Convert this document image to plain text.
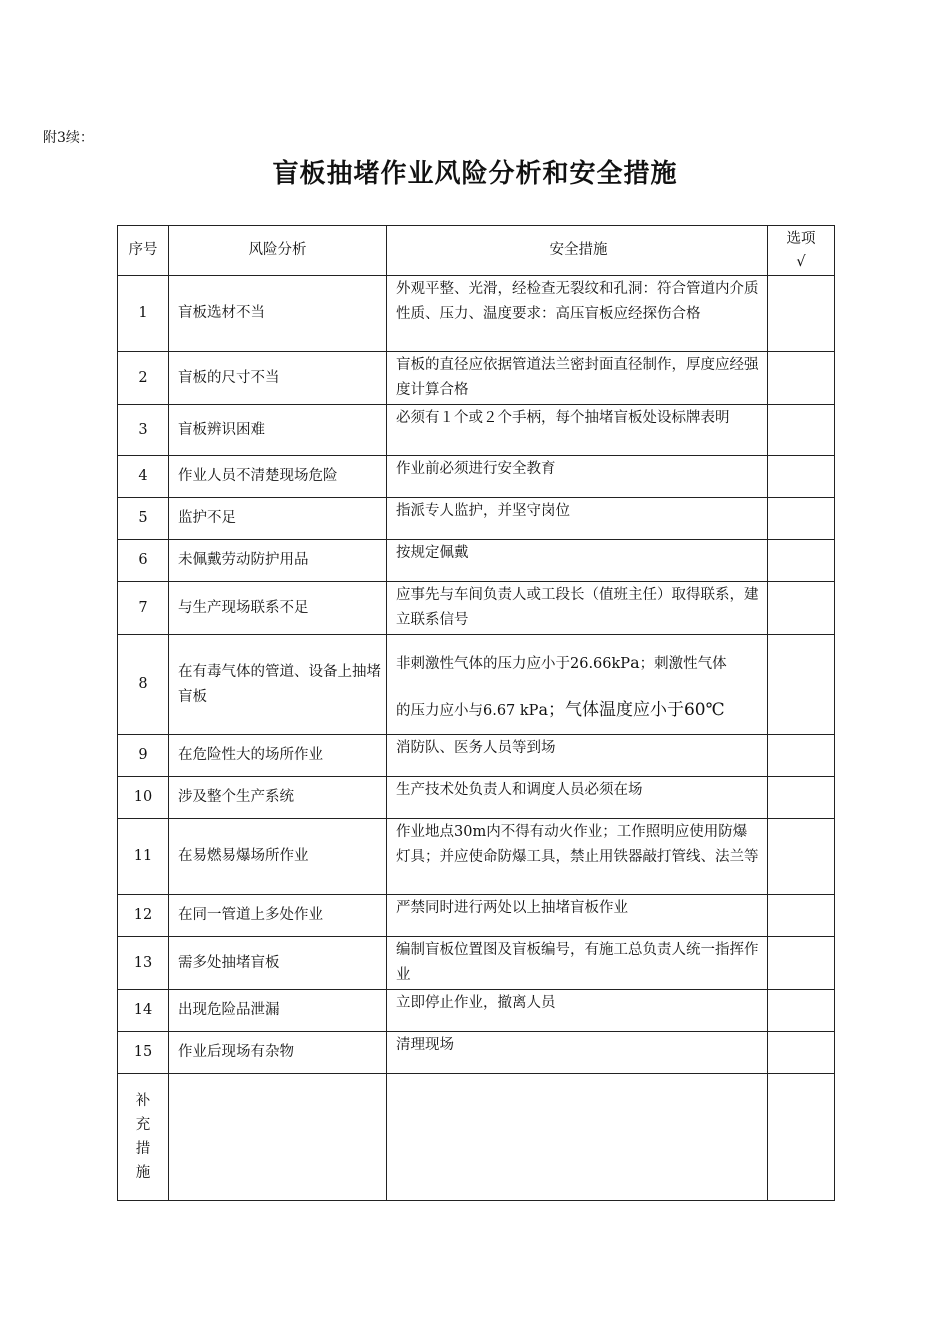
附3续：
盲板抽堵作业风险分析和安全措施
序号	风险分析	安全措施	选项
√

1	盲板选材不当	外观平整、光滑，经检查无裂纹和孔洞：符合管道内介质性质、压力、温度要求：高压盲板应经探伤合格	
2	盲板的尺寸不当	盲板的直径应依据管道法兰密封面直径制作，厚度应经强度计算合格	
3	盲板辨识困难	必须有１个或２个手柄，每个抽堵盲板处设标牌表明	
4	作业人员不清楚现场危险	作业前必须进行安全教育	
5	监护不足	指派专人监护，并坚守岗位	
6	未佩戴劳动防护用品	按规定佩戴	
7	与生产现场联系不足	应事先与车间负责人或工段长（值班主任）取得联系，建立联系信号	
8	在有毒气体的管道、设备上抽堵盲板	非刺激性气体的压力应小于26.66kPa；刺激性气体
的压力应小与6.67 kPa；气体温度应小于60℃	

9	在危险性大的场所作业	消防队、医务人员等到场	
10	涉及整个生产系统	生产技术处负责人和调度人员必须在场	
11	在易燃易爆场所作业	作业地点30m内不得有动火作业；工作照明应使用防爆灯具；并应使命防爆工具，禁止用铁器敲打管线、法兰等	
12	在同一管道上多处作业	严禁同时进行两处以上抽堵盲板作业	
13	需多处抽堵盲板	编制盲板位置图及盲板编号，有施工总负责人统一指挥作业	
14	出现危险品泄漏	立即停止作业，撤离人员	
15	作业后现场有杂物	清理现场	

补
充
措
施			
